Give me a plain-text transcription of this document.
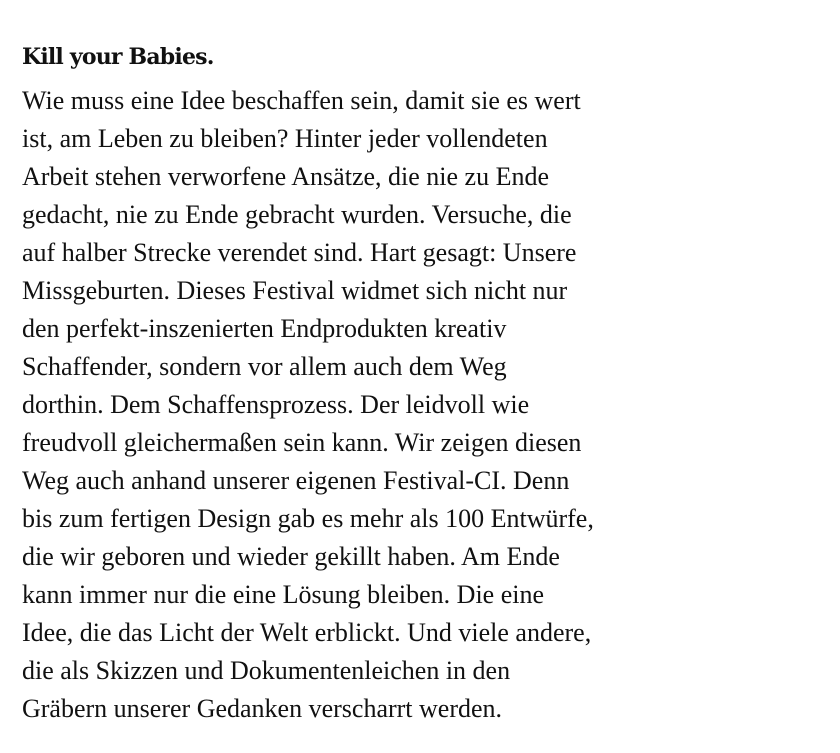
Kill your Babies.

Wie muss eine Idee beschaffen sein, damit sie es wert
ist, am Leben zu bleiben? Hinter jeder vollendeten
Arbeit stehen verworfene Ansätze, die nie zu Ende
gedacht, nie zu Ende gebracht wurden. Versuche, die
auf halber Strecke verendet sind. Hart gesagt: Unsere
Missgeburten. Dieses Festival widmet sich nicht nur
den perfekt-inszenierten Endprodukten kreativ
Schaffender, sondern vor allem auch dem Weg
dorthin. Dem Schaffensprozess. Der leidvoll wie
freudvoll gleichermaßen sein kann. Wir zeigen diesen
Weg auch anhand unserer eigenen Festival-CI. Denn
bis zum fertigen Design gab es mehr als 100 Entwürfe,
die wir geboren und wieder gekillt haben. Am Ende
kann immer nur die eine Lösung bleiben. Die eine
Idee, die das Licht der Welt erblickt. Und viele andere,
die als Skizzen und Dokumentenleichen in den
Gräbern unserer Gedanken verscharrt werden.
